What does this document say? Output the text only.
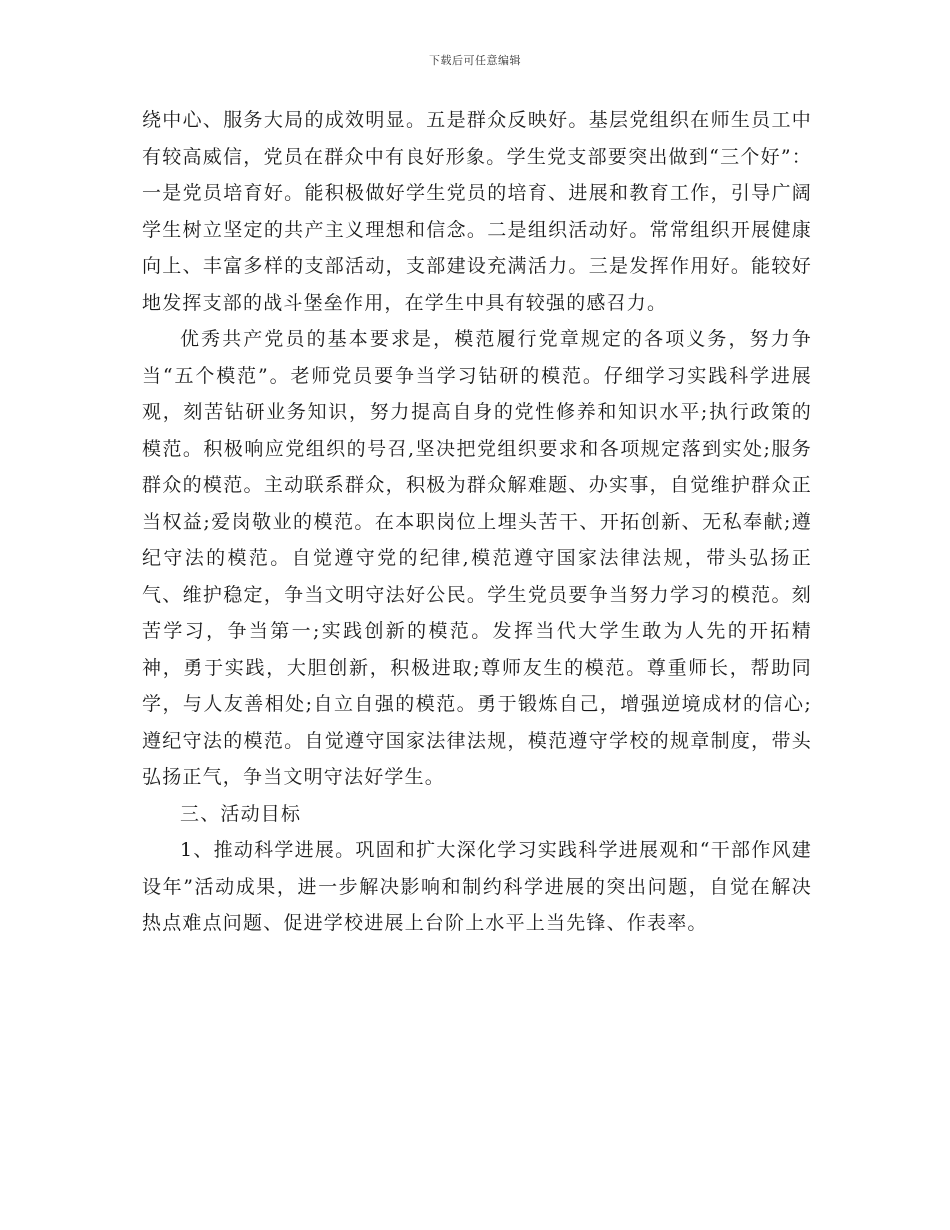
下载后可任意编辑

绕中心、服务大局的成效明显。五是群众反映好。基层党组织在师生员工中有较高威信，党员在群众中有良好形象。学生党支部要突出做到“三个好”：一是党员培育好。能积极做好学生党员的培育、进展和教育工作，引导广阔学生树立坚定的共产主义理想和信念。二是组织活动好。常常组织开展健康向上、丰富多样的支部活动，支部建设充满活力。三是发挥作用好。能较好地发挥支部的战斗堡垒作用，在学生中具有较强的感召力。

优秀共产党员的基本要求是，模范履行党章规定的各项义务，努力争当“五个模范”。老师党员要争当学习钻研的模范。仔细学习实践科学进展观，刻苦钻研业务知识，努力提高自身的党性修养和知识水平;执行政策的模范。积极响应党组织的号召,坚决把党组织要求和各项规定落到实处;服务群众的模范。主动联系群众，积极为群众解难题、办实事，自觉维护群众正当权益;爱岗敬业的模范。在本职岗位上埋头苦干、开拓创新、无私奉献;遵纪守法的模范。自觉遵守党的纪律,模范遵守国家法律法规，带头弘扬正气、维护稳定，争当文明守法好公民。学生党员要争当努力学习的模范。刻苦学习，争当第一;实践创新的模范。发挥当代大学生敢为人先的开拓精神，勇于实践，大胆创新，积极进取;尊师友生的模范。尊重师长，帮助同学，与人友善相处;自立自强的模范。勇于锻炼自己，增强逆境成材的信心;遵纪守法的模范。自觉遵守国家法律法规，模范遵守学校的规章制度，带头弘扬正气，争当文明守法好学生。

三、活动目标

1、推动科学进展。巩固和扩大深化学习实践科学进展观和“干部作风建设年”活动成果，进一步解决影响和制约科学进展的突出问题，自觉在解决热点难点问题、促进学校进展上台阶上水平上当先锋、作表率。
